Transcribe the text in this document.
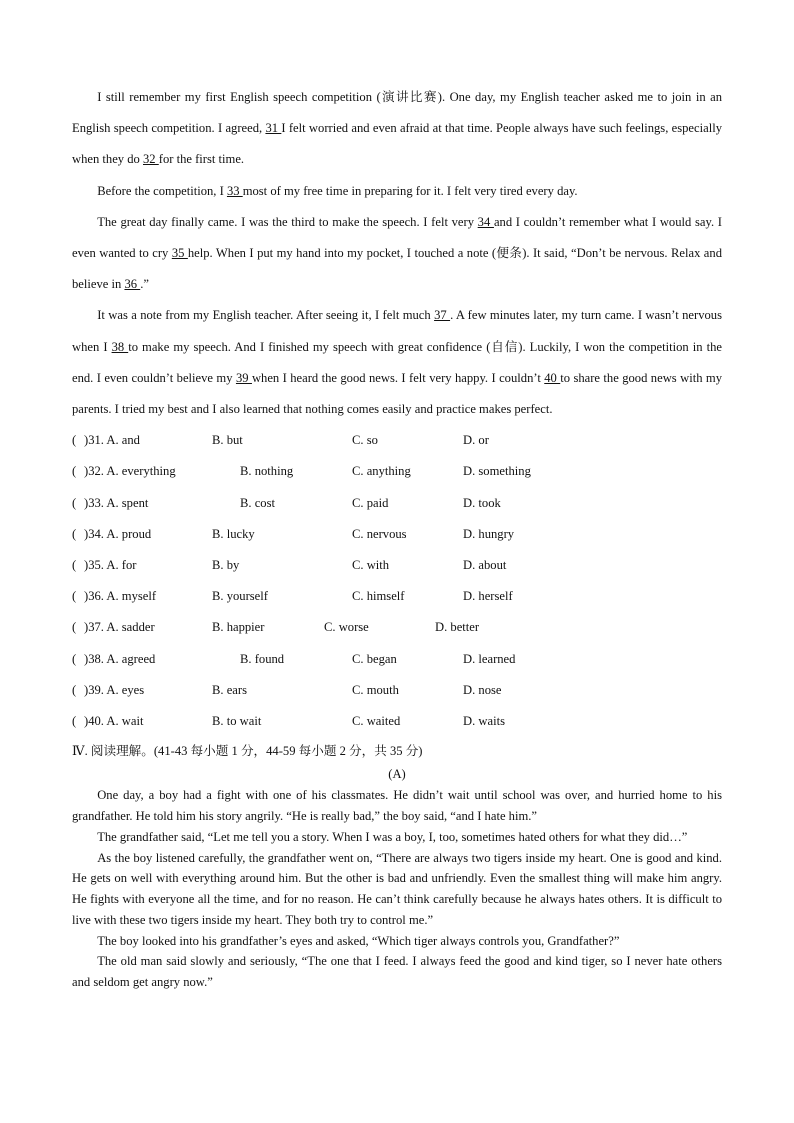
I still remember my first English speech competition (演讲比赛). One day, my English teacher asked me to join in an English speech competition. I agreed, 31 I felt worried and even afraid at that time. People always have such feelings, especially when they do 32 for the first time.

Before the competition, I 33 most of my free time in preparing for it. I felt very tired every day.

The great day finally came. I was the third to make the speech. I felt very 34 and I couldn’t remember what I would say. I even wanted to cry 35 help. When I put my hand into my pocket, I touched a note (便条). It said, “Don’t be nervous. Relax and believe in 36 .”

It was a note from my English teacher. After seeing it, I felt much 37 . A few minutes later, my turn came. I wasn’t nervous when I 38 to make my speech. And I finished my speech with great confidence (自信). Luckily, I won the competition in the end. I even couldn’t believe my 39 when I heard the good news. I felt very happy. I couldn’t 40 to share the good news with my parents. I tried my best and I also learned that nothing comes easily and practice makes perfect.

( )31. A. and	B. but	C. so	D. or
( )32. A. everything	B. nothing	C. anything	D. something
( )33. A. spent	B. cost	C. paid	D. took
( )34. A. proud	B. lucky	C. nervous	D. hungry
( )35. A. for	B. by	C. with	D. about
( )36. A. myself	B. yourself	C. himself	D. herself
( )37. A. sadder	B. happier	C. worse	D. better
( )38. A. agreed	B. found	C. began	D. learned
( )39. A. eyes	B. ears	C. mouth	D. nose
( )40. A. wait	B. to wait	C. waited	D. waits
Ⅳ. 阅读理解。(41-43 每小题 1 分，44-59 每小题 2 分，共 35 分)
(A)

One day, a boy had a fight with one of his classmates. He didn’t wait until school was over, and hurried home to his grandfather. He told him his story angrily. “He is really bad,” the boy said, “and I hate him.”

The grandfather said, “Let me tell you a story. When I was a boy, I, too, sometimes hated others for what they did…”

As the boy listened carefully, the grandfather went on, “There are always two tigers inside my heart. One is good and kind. He gets on well with everything around him. But the other is bad and unfriendly. Even the smallest thing will make him angry. He fights with everyone all the time, and for no reason. He can’t think carefully because he always hates others. It is difficult to live with these two tigers inside my heart. They both try to control me.”

The boy looked into his grandfather’s eyes and asked, “Which tiger always controls you, Grandfather?”

The old man said slowly and seriously, “The one that I feed. I always feed the good and kind tiger, so I never hate others and seldom get angry now.”
